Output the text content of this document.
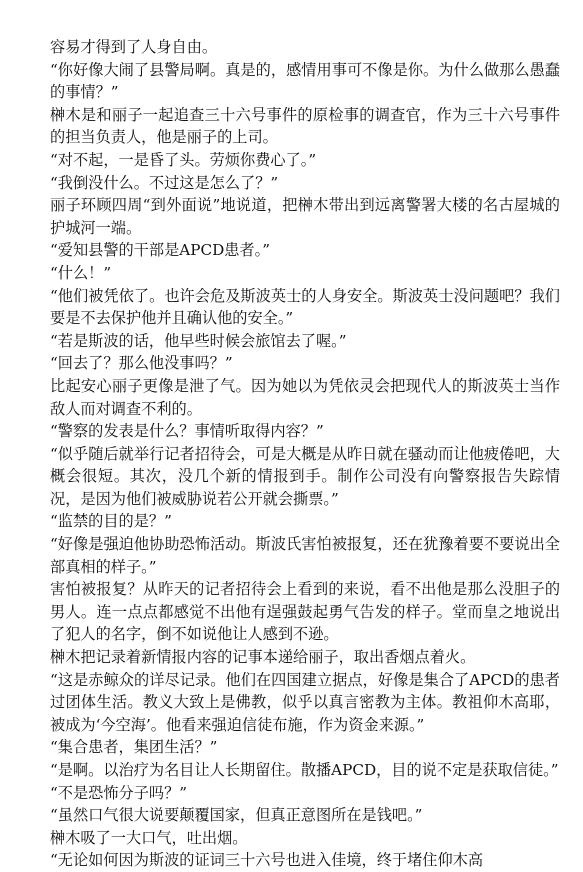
容易才得到了人身自由。

“你好像大闹了县警局啊。真是的，感情用事可不像是你。为什么做那么愚蠢的事情？”

榊木是和丽子一起追查三十六号事件的原检事的调查官，作为三十六号事件的担当负责人，他是丽子的上司。

“对不起，一是昏了头。劳烦你费心了。”

“我倒没什么。不过这是怎么了？”

丽子环顾四周“到外面说”地说道，把榊木带出到远离警署大楼的名古屋城的护城河一端。

“爱知县警的干部是APCD患者。”

“什么！”

“他们被凭依了。也许会危及斯波英士的人身安全。斯波英士没问题吧？我们要是不去保护他并且确认他的安全。”

“若是斯波的话，他早些时候会旅馆去了喔。”

“回去了？那么他没事吗？”

比起安心丽子更像是泄了气。因为她以为凭依灵会把现代人的斯波英士当作敌人而对调查不利的。

“警察的发表是什么？事情听取得内容？”

“似乎随后就举行记者招待会，可是大概是从昨日就在骚动而让他疲倦吧，大概会很短。其次，没几个新的情报到手。制作公司没有向警察报告失踪情况，是因为他们被威胁说若公开就会撕票。”

“监禁的目的是？”

“好像是强迫他协助恐怖活动。斯波氏害怕被报复，还在犹豫着要不要说出全部真相的样子。”

害怕被报复？从昨天的记者招待会上看到的来说，看不出他是那么没胆子的男人。连一点点都感觉不出他有逞强鼓起勇气告发的样子。堂而皇之地说出了犯人的名字，倒不如说他让人感到不逊。

榊木把记录着新情报内容的记事本递给丽子，取出香烟点着火。

“这是赤鲸众的详尽记录。他们在四国建立据点，好像是集合了APCD的患者过团体生活。教义大致上是佛教，似乎以真言密教为主体。教祖仰木高耶，被成为‘今空海’。他看来强迫信徒布施，作为资金来源。”

“集合患者，集团生活？”

“是啊。以治疗为名目让人长期留住。散播APCD，目的说不定是获取信徒。”

“不是恐怖分子吗？”

“虽然口气很大说要颠覆国家，但真正意图所在是钱吧。”

榊木吸了一大口气，吐出烟。

“无论如何因为斯波的证词三十六号也进入佳境，终于堵住仰木高
